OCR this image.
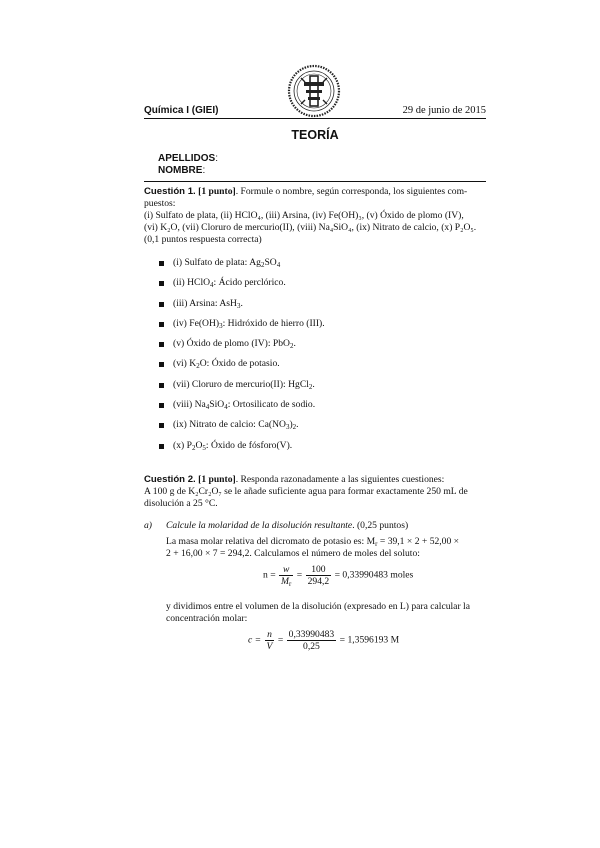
Química I (GIEI)	29 de junio de 2015
TEORÍA
APELLIDOS:
NOMBRE:
Cuestión 1. [1 punto]. Formule o nombre, según corresponda, los siguientes com-
puestos:
(i) Sulfato de plata, (ii) HClO₄, (iii) Arsina, (iv) Fe(OH)₃, (v) Óxido de plomo (IV),
(vi) K₂O, (vii) Cloruro de mercurio(II), (viii) Na₄SiO₄, (ix) Nitrato de calcio, (x) P₂O₅.
(0,1 puntos respuesta correcta)
(i) Sulfato de plata: $Ag_2SO_4$
(ii) HClO$_4$: Ácido perclórico.
(iii) Arsina: AsH$_3$.
(iv) $Fe(OH)_3$: Hidróxido de hierro (III).
(v) Óxido de plomo (IV): PbO$_2$.
(vi) $K_2O$: Óxido de potasio.
(vii) Cloruro de mercurio(II): HgCl$_2$.
(viii) $Na_4SiO_4$: Ortosilicato de sodio.
(ix) Nitrato de calcio: $Ca(NO_3)_2$.
(x) $P_2O_5$: Óxido de fósforo(V).
Cuestión 2. [1 punto]. Responda razonadamente a las siguientes cuestiones:
A 100 g de K₂Cr₂O₇ se le añade suficiente agua para formar exactamente 250 mL de
disolución a 25 °C.
a) Calcule la molaridad de la disolución resultante. (0,25 puntos)
La masa molar relativa del dicromato de potasio es: $M_r = 39,1 \times 2 + 52,00$ ×
2 + 16,00 × 7 = 294,2. Calculamos el número de moles del soluto:
$n = \frac{w}{M_r} = \frac{100}{294,2} = 0,33990483$ moles
y dividimos entre el volumen de la disolución (expresado en L) para calcular la
concentración molar:
$c = \frac{n}{V} = \frac{0,33990483}{0,25} = 1,3596193$ M
